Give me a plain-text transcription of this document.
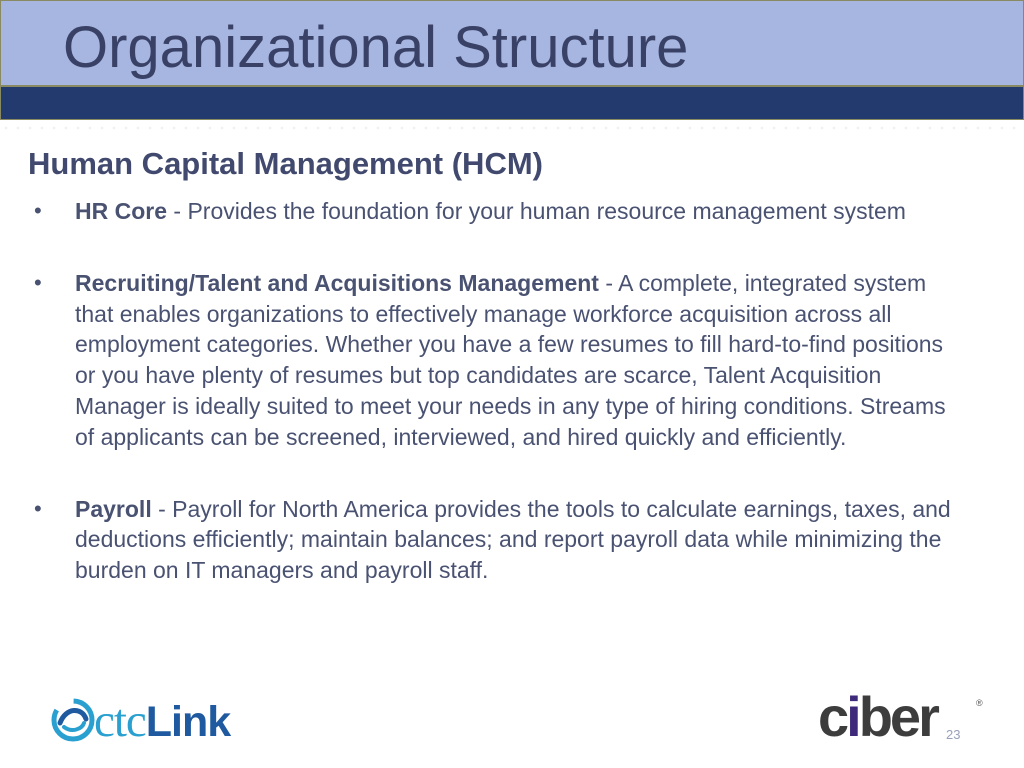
Organizational Structure
Human Capital Management (HCM)
• HR Core - Provides the foundation for your human resource management system
• Recruiting/Talent and Acquisitions Management - A complete, integrated system that enables organizations to effectively manage workforce acquisition across all employment categories. Whether you have a few resumes to fill hard-to-find positions or you have plenty of resumes but top candidates are scarce, Talent Acquisition Manager is ideally suited to meet your needs in any type of hiring conditions. Streams of applicants can be screened, interviewed, and hired quickly and efficiently.
• Payroll - Payroll for North America provides the tools to calculate earnings, taxes, and deductions efficiently; maintain balances; and report payroll data while minimizing the burden on IT managers and payroll staff.
ctcLink	ciber	®
23
